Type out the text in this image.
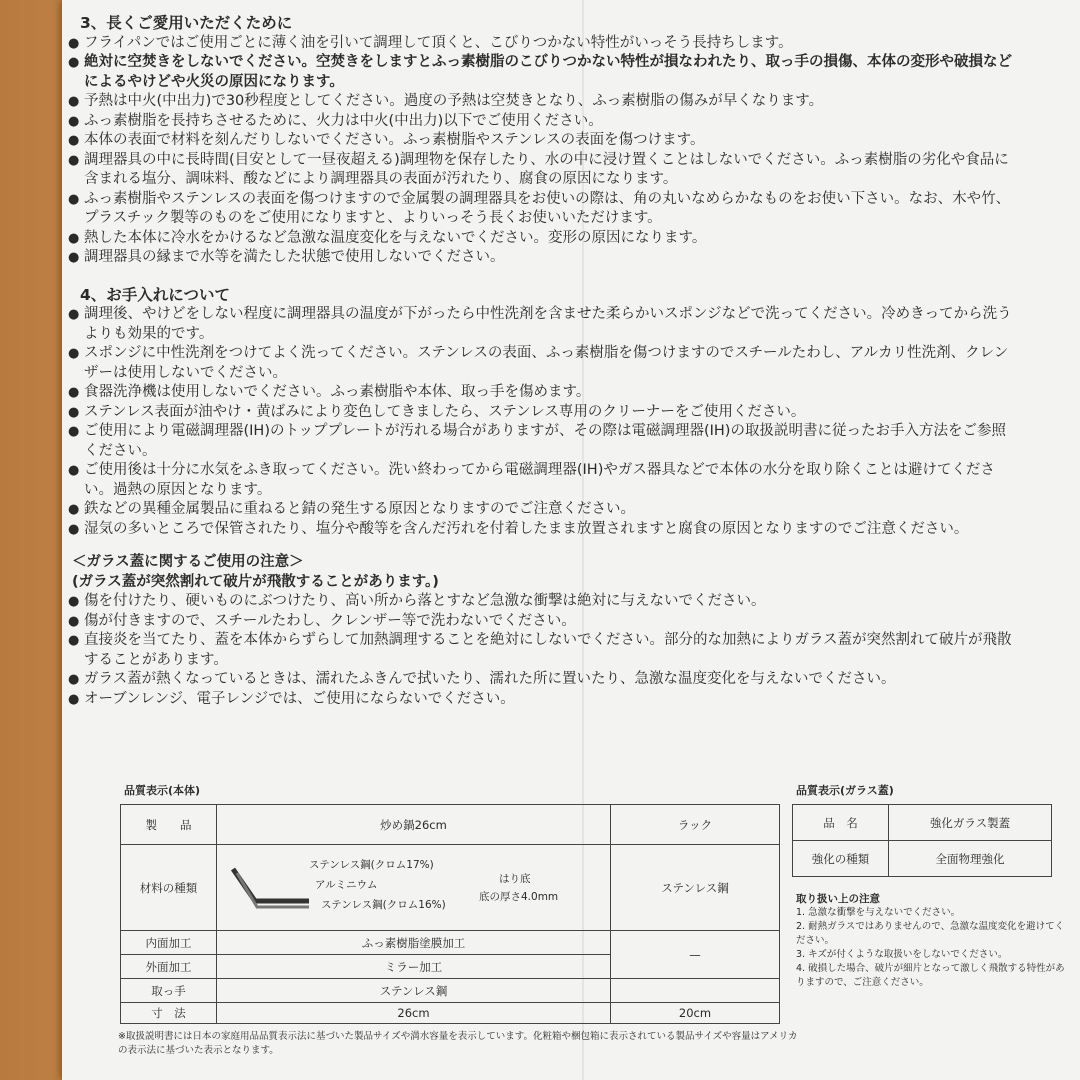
3、長くご愛用いただくために
● フライパンではご使用ごとに薄く油を引いて調理して頂くと、こびりつかない特性がいっそう長持ちします。
● 絶対に空焚きをしないでください。空焚きをしますとふっ素樹脂のこびりつかない特性が損なわれたり、取っ手の損傷、本体の変形や破損などによるやけどや火災の原因になります。
● 予熱は中火(中出力)で30秒程度としてください。過度の予熱は空焚きとなり、ふっ素樹脂の傷みが早くなります。
● ふっ素樹脂を長持ちさせるために、火力は中火(中出力)以下でご使用ください。
● 本体の表面で材料を刻んだりしないでください。ふっ素樹脂やステンレスの表面を傷つけます。
● 調理器具の中に長時間(目安として一昼夜超える)調理物を保存したり、水の中に浸け置くことはしないでください。ふっ素樹脂の劣化や食品に含まれる塩分、調味料、酸などにより調理器具の表面が汚れたり、腐食の原因になります。
● ふっ素樹脂やステンレスの表面を傷つけますので金属製の調理器具をお使いの際は、角の丸いなめらかなものをお使い下さい。なお、木や竹、プラスチック製等のものをご使用になりますと、よりいっそう長くお使いいただけます。
● 熱した本体に冷水をかけるなど急激な温度変化を与えないでください。変形の原因になります。
● 調理器具の縁まで水等を満たした状態で使用しないでください。
4、お手入れについて
● 調理後、やけどをしない程度に調理器具の温度が下がったら中性洗剤を含ませた柔らかいスポンジなどで洗ってください。冷めきってから洗うよりも効果的です。
● スポンジに中性洗剤をつけてよく洗ってください。ステンレスの表面、ふっ素樹脂を傷つけますのでスチールたわし、アルカリ性洗剤、クレンザーは使用しないでください。
● 食器洗浄機は使用しないでください。ふっ素樹脂や本体、取っ手を傷めます。
● ステンレス表面が油やけ・黄ばみにより変色してきましたら、ステンレス専用のクリーナーをご使用ください。
● ご使用により電磁調理器(IH)のトッププレートが汚れる場合がありますが、その際は電磁調理器(IH)の取扱説明書に従ったお手入方法をご参照ください。
● ご使用後は十分に水気をふき取ってください。洗い終わってから電磁調理器(IH)やガス器具などで本体の水分を取り除くことは避けてください。過熱の原因となります。
● 鉄などの異種金属製品に重ねると錆の発生する原因となりますのでご注意ください。
● 湿気の多いところで保管されたり、塩分や酸等を含んだ汚れを付着したまま放置されますと腐食の原因となりますのでご注意ください。
＜ガラス蓋に関するご使用の注意＞
(ガラス蓋が突然割れて破片が飛散することがあります。)
● 傷を付けたり、硬いものにぶつけたり、高い所から落とすなど急激な衝撃は絶対に与えないでください。
● 傷が付きますので、スチールたわし、クレンザー等で洗わないでください。
● 直接炎を当てたり、蓋を本体からずらして加熱調理することを絶対にしないでください。部分的な加熱によりガラス蓋が突然割れて破片が飛散することがあります。
● ガラス蓋が熱くなっているときは、濡れたふきんで拭いたり、濡れた所に置いたり、急激な温度変化を与えないでください。
● オーブンレンジ、電子レンジでは、ご使用にならないでください。
品質表示(本体)
製　　品	炒め鍋26cm	ラック
材料の種類	ステンレス鋼(クロム17%)
アルミニウム
ステンレス鋼(クロム16%)
はり底
底の厚さ4.0mm	ステンレス鋼
内面加工	ふっ素樹脂塗膜加工	—
外面加工	ミラー加工	
取っ手	ステンレス鋼	
寸　法	26cm	20cm
品質表示(ガラス蓋)
品　名	強化ガラス製蓋
強化の種類	全面物理強化
取り扱い上の注意
1. 急激な衝撃を与えないでください。
2. 耐熱ガラスではありませんので、急激な温度変化を避けてください。
3. キズが付くような取扱いをしないでください。
4. 破損した場合、破片が細片となって激しく飛散する特性がありますので、ご注意ください。
※取扱説明書には日本の家庭用品品質表示法に基づいた製品サイズや満水容量を表示しています。化粧箱や梱包箱に表示されている製品サイズや容量はアメリカの表示法に基づいた表示となります。
